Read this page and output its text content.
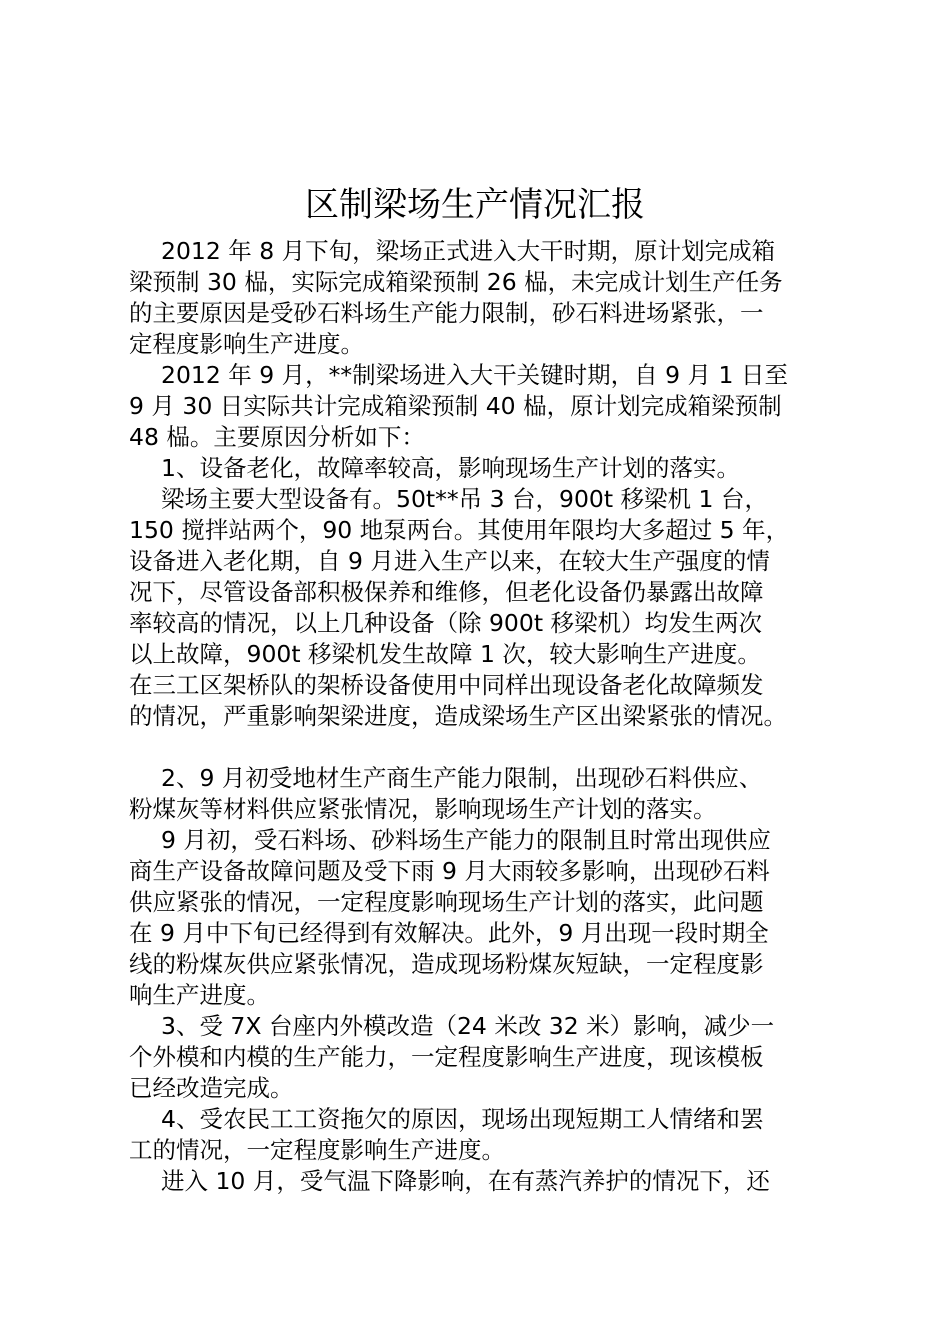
区制梁场生产情况汇报

2012 年 8 月下旬，梁场正式进入大干时期，原计划完成箱

梁预制 30 榀，实际完成箱梁预制 26 榀，未完成计划生产任务

的主要原因是受砂石料场生产能力限制，砂石料进场紧张，一

定程度影响生产进度。

2012 年 9 月，**制梁场进入大干关键时期，自 9 月 1 日至

9 月 30 日实际共计完成箱梁预制 40 榀，原计划完成箱梁预制

48 榀。主要原因分析如下：

1、设备老化，故障率较高，影响现场生产计划的落实。

梁场主要大型设备有。50t**吊 3 台，900t 移梁机 1 台，

150 搅拌站两个，90 地泵两台。其使用年限均大多超过 5 年，

设备进入老化期，自 9 月进入生产以来，在较大生产强度的情

况下，尽管设备部积极保养和维修，但老化设备仍暴露出故障

率较高的情况，以上几种设备（除 900t 移梁机）均发生两次

以上故障，900t 移梁机发生故障 1 次，较大影响生产进度。

在三工区架桥队的架桥设备使用中同样出现设备老化故障频发

的情况，严重影响架梁进度，造成梁场生产区出梁紧张的情况。

2、9 月初受地材生产商生产能力限制，出现砂石料供应、

粉煤灰等材料供应紧张情况，影响现场生产计划的落实。

9 月初，受石料场、砂料场生产能力的限制且时常出现供应

商生产设备故障问题及受下雨 9 月大雨较多影响，出现砂石料

供应紧张的情况，一定程度影响现场生产计划的落实，此问题

在 9 月中下旬已经得到有效解决。此外，9 月出现一段时期全

线的粉煤灰供应紧张情况，造成现场粉煤灰短缺，一定程度影

响生产进度。

3、受 7X 台座内外模改造（24 米改 32 米）影响，减少一

个外模和内模的生产能力，一定程度影响生产进度，现该模板

已经改造完成。

4、受农民工工资拖欠的原因，现场出现短期工人情绪和罢

工的情况，一定程度影响生产进度。

进入 10 月，受气温下降影响，在有蒸汽养护的情况下，还
